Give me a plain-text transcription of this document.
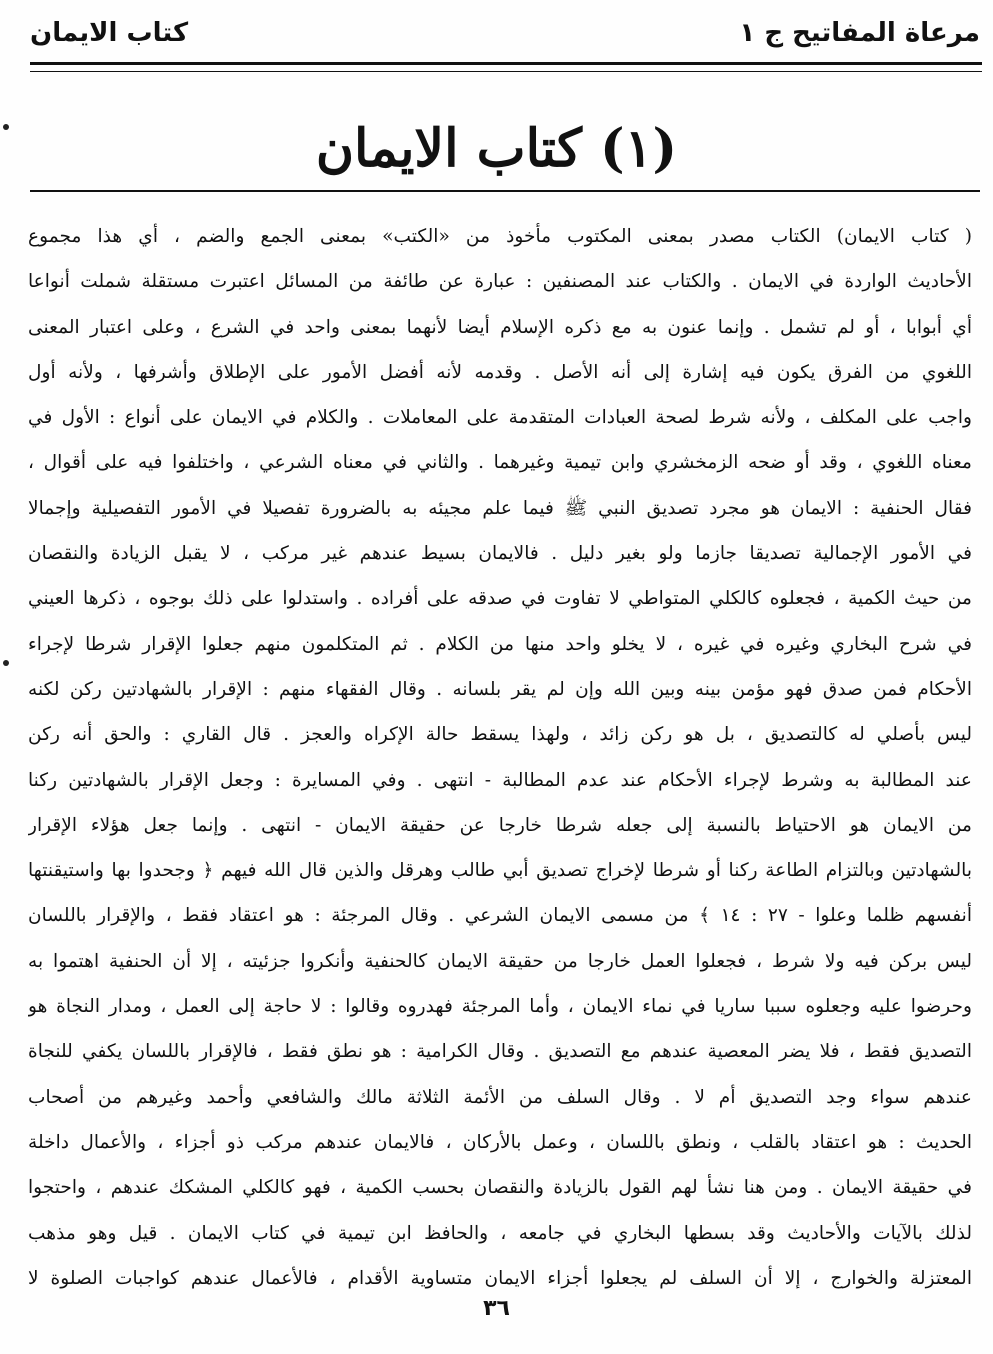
مرعاة المفاتيح ج ١
كتاب الايمان
(١) كتاب الايمان
( كتاب الايمان) الكتاب مصدر بمعنى المكتوب مأخوذ من «الكتب» بمعنى الجمع والضم ، أي هذا مجموع
الأحاديث الواردة في الايمان . والكتاب عند المصنفين : عبارة عن طائفة من المسائل اعتبرت مستقلة شملت أنواعا
أي أبوابا ، أو لم تشمل . وإنما عنون به مع ذكره الإسلام أيضا لأنهما بمعنى واحد في الشرع ، وعلى اعتبار المعنى
اللغوي من الفرق يكون فيه إشارة إلى أنه الأصل . وقدمه لأنه أفضل الأمور على الإطلاق وأشرفها ، ولأنه أول
واجب على المكلف ، ولأنه شرط لصحة العبادات المتقدمة على المعاملات . والكلام في الايمان على أنواع : الأول في
معناه اللغوي ، وقد أو ضحه الزمخشري وابن تيمية وغيرهما . والثاني في معناه الشرعي ، واختلفوا فيه على أقوال ،
فقال الحنفية : الايمان هو مجرد تصديق النبي ﷺ فيما علم مجيئه به بالضرورة تفصيلا في الأمور التفصيلية وإجمالا
في الأمور الإجمالية تصديقا جازما ولو بغير دليل . فالايمان بسيط عندهم غير مركب ، لا يقبل الزيادة والنقصان
من حيث الكمية ، فجعلوه كالكلي المتواطي لا تفاوت في صدقه على أفراده . واستدلوا على ذلك بوجوه ، ذكرها العيني
في شرح البخاري وغيره في غيره ، لا يخلو واحد منها من الكلام . ثم المتكلمون منهم جعلوا الإقرار شرطا لإجراء
الأحكام فمن صدق فهو مؤمن بينه وبين الله وإن لم يقر بلسانه . وقال الفقهاء منهم : الإقرار بالشهادتين ركن لكنه
ليس بأصلي له كالتصديق ، بل هو ركن زائد ، ولهذا يسقط حالة الإكراه والعجز . قال القاري : والحق أنه ركن
عند المطالبة به وشرط لإجراء الأحكام عند عدم المطالبة - انتهى . وفي المسايرة : وجعل الإقرار بالشهادتين ركنا
من الايمان هو الاحتياط بالنسبة إلى جعله شرطا خارجا عن حقيقة الايمان - انتهى . وإنما جعل هؤلاء الإقرار
بالشهادتين وبالتزام الطاعة ركنا أو شرطا لإخراج تصديق أبي طالب وهرقل والذين قال الله فيهم ﴿ وجحدوا بها واستيقنتها
أنفسهم ظلما وعلوا - ٢٧ : ١٤ ﴾ من مسمى الايمان الشرعي . وقال المرجئة : هو اعتقاد فقط ، والإقرار باللسان
ليس بركن فيه ولا شرط ، فجعلوا العمل خارجا من حقيقة الايمان كالحنفية وأنكروا جزئيته ، إلا أن الحنفية اهتموا به
وحرضوا عليه وجعلوه سببا ساريا في نماء الايمان ، وأما المرجئة فهدروه وقالوا : لا حاجة إلى العمل ، ومدار النجاة هو
التصديق فقط ، فلا يضر المعصية عندهم مع التصديق . وقال الكرامية : هو نطق فقط ، فالإقرار باللسان يكفي للنجاة
عندهم سواء وجد التصديق أم لا . وقال السلف من الأئمة الثلاثة مالك والشافعي وأحمد وغيرهم من أصحاب
الحديث : هو اعتقاد بالقلب ، ونطق باللسان ، وعمل بالأركان ، فالايمان عندهم مركب ذو أجزاء ، والأعمال داخلة
في حقيقة الايمان . ومن هنا نشأ لهم القول بالزيادة والنقصان بحسب الكمية ، فهو كالكلي المشكك عندهم ، واحتجوا
لذلك بالآيات والأحاديث وقد بسطها البخاري في جامعه ، والحافظ ابن تيمية في كتاب الايمان . قيل وهو مذهب
المعتزلة والخوارج ، إلا أن السلف لم يجعلوا أجزاء الايمان متساوية الأقدام ، فالأعمال عندهم كواجبات الصلوة لا
٣٦
